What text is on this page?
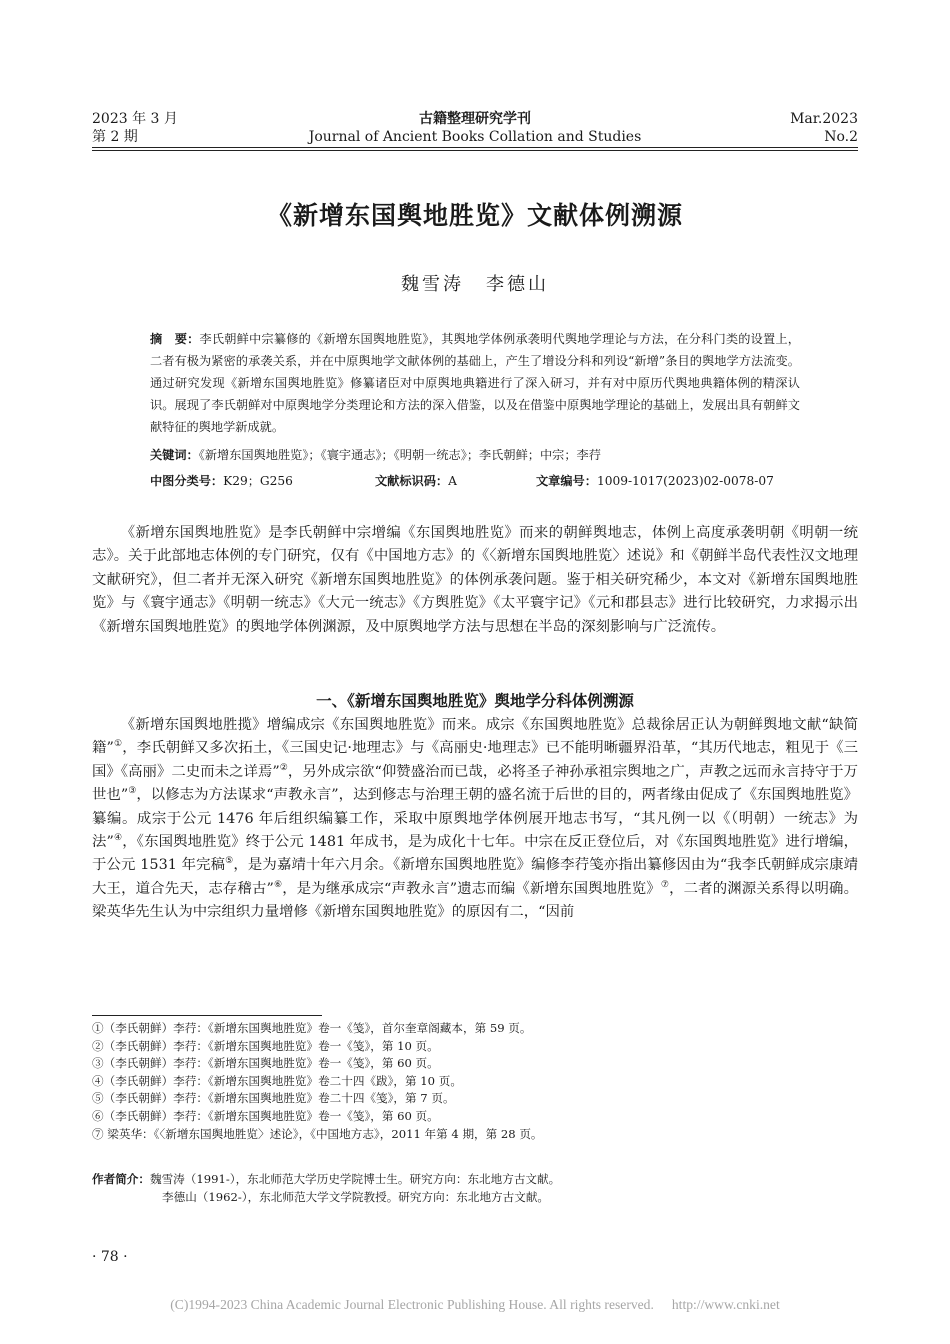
2023 年 3 月
第 2 期
古籍整理研究学刊
Journal of Ancient Books Collation and Studies
Mar.2023
No.2
《新增东国舆地胜览》文献体例溯源
魏雪涛 李德山
摘　要：李氏朝鲜中宗纂修的《新增东国舆地胜览》，其舆地学体例承袭明代舆地学理论与方法，在分科门类的设置上，二者有极为紧密的承袭关系，并在中原舆地学文献体例的基础上，产生了增设分科和列设“新增”条目的舆地学方法流变。通过研究发现《新增东国舆地胜览》修纂诸臣对中原舆地典籍进行了深入研习，并有对中原历代舆地典籍体例的精深认识。展现了李氏朝鲜对中原舆地学分类理论和方法的深入借鉴，以及在借鉴中原舆地学理论的基础上，发展出具有朝鲜文献特征的舆地学新成就。
关键词：《新增东国舆地胜览》；《寰宇通志》；《明朝一统志》；李氏朝鲜；中宗；李荇
中图分类号：K29；G256	文献标识码：A	文章编号：1009-1017(2023)02-0078-07

《新增东国舆地胜览》是李氏朝鲜中宗增编《东国舆地胜览》而来的朝鲜舆地志，体例上高度承袭明朝《明朝一统志》。关于此部地志体例的专门研究，仅有《中国地方志》的《〈新增东国舆地胜览〉述说》和《朝鲜半岛代表性汉文地理文献研究》，但二者并无深入研究《新增东国舆地胜览》的体例承袭问题。鉴于相关研究稀少，本文对《新增东国舆地胜览》与《寰宇通志》《明朝一统志》《大元一统志》《方舆胜览》《太平寰宇记》《元和郡县志》进行比较研究，力求揭示出《新增东国舆地胜览》的舆地学体例渊源，及中原舆地学方法与思想在半岛的深刻影响与广泛流传。

一、《新增东国舆地胜览》舆地学分科体例溯源

《新增东国舆地胜揽》增编成宗《东国舆地胜览》而来。成宗《东国舆地胜览》总裁徐居正认为朝鲜舆地文献“缺简籍”①，李氏朝鲜又多次拓土，《三国史记·地理志》与《高丽史·地理志》已不能明晰疆界沿革，“其历代地志，粗见于《三国》《高丽》二史而未之详焉”②，另外成宗欲“仰赞盛治而已哉，必将圣子神孙承祖宗舆地之广，声教之远而永言持守于万世也”③，以修志为方法谋求“声教永言”，达到修志与治理王朝的盛名流于后世的目的，两者缘由促成了《东国舆地胜览》纂编。成宗于公元 1476 年后组织编纂工作，采取中原舆地学体例展开地志书写，“其凡例一以《（明朝）一统志》为法”④，《东国舆地胜览》终于公元 1481 年成书，是为成化十七年。中宗在反正登位后，对《东国舆地胜览》进行增编，于公元 1531 年完稿⑤，是为嘉靖十年六月余。《新增东国舆地胜览》编修李荇笺亦指出纂修因由为“我李氏朝鲜成宗康靖大王，道合先天，志存稽古”⑥，是为继承成宗“声教永言”遗志而编《新增东国舆地胜览》⑦，二者的渊源关系得以明确。梁英华先生认为中宗组织力量增修《新增东国舆地胜览》的原因有二，“因前

①（李氏朝鲜）李荇：《新增东国舆地胜览》卷一《笺》，首尔奎章阁藏本，第 59 页。
②（李氏朝鲜）李荇：《新增东国舆地胜览》卷一《笺》，第 10 页。
③（李氏朝鲜）李荇：《新增东国舆地胜览》卷一《笺》，第 60 页。
④（李氏朝鲜）李荇：《新增东国舆地胜览》卷二十四《跋》，第 10 页。
⑤（李氏朝鲜）李荇：《新增东国舆地胜览》卷二十四《笺》，第 7 页。
⑥（李氏朝鲜）李荇：《新增东国舆地胜览》卷一《笺》，第 60 页。
⑦ 梁英华：《〈新增东国舆地胜览〉述论》，《中国地方志》，2011 年第 4 期，第 28 页。
作者简介：魏雪涛（1991-），东北师范大学历史学院博士生。研究方向：东北地方古文献。
李德山（1962-），东北师范大学文学院教授。研究方向：东北地方古文献。
· 78 ·
(C)1994-2023 China Academic Journal Electronic Publishing House. All rights reserved. http://www.cnki.net
